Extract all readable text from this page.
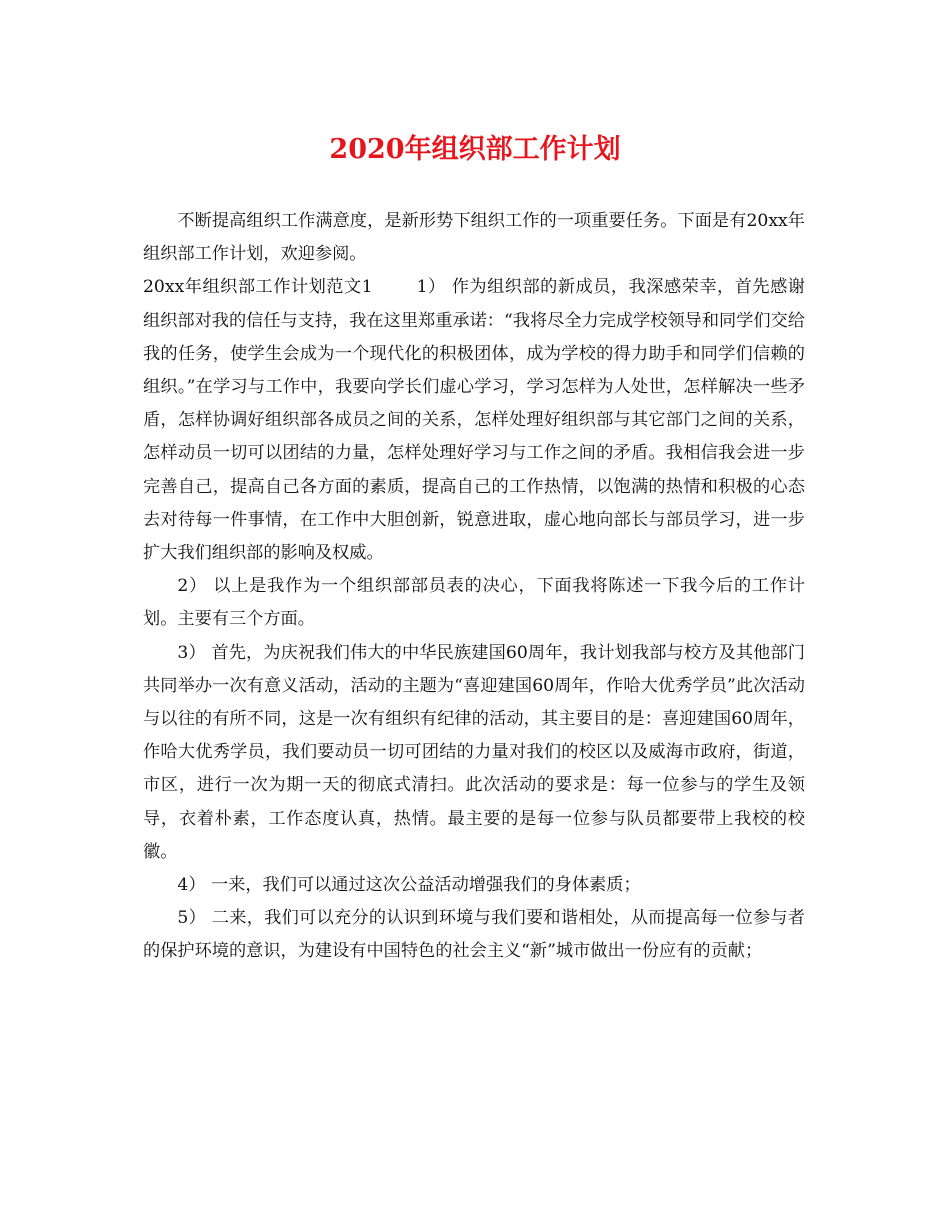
2020年组织部工作计划

不断提高组织工作满意度，是新形势下组织工作的一项重要任务。下面是有20xx年组织部工作计划，欢迎参阅。

20xx年组织部工作计划范文1	1） 作为组织部的新成员，我深感荣幸，首先感谢组织部对我的信任与支持，我在这里郑重承诺：“我将尽全力完成学校领导和同学们交给我的任务，使学生会成为一个现代化的积极团体，成为学校的得力助手和同学们信赖的组织。”在学习与工作中，我要向学长们虚心学习，学习怎样为人处世，怎样解决一些矛盾，怎样协调好组织部各成员之间的关系，怎样处理好组织部与其它部门之间的关系，怎样动员一切可以团结的力量，怎样处理好学习与工作之间的矛盾。我相信我会进一步完善自己，提高自己各方面的素质，提高自己的工作热情，以饱满的热情和积极的心态去对待每一件事情，在工作中大胆创新，锐意进取，虚心地向部长与部员学习，进一步扩大我们组织部的影响及权威。

2） 以上是我作为一个组织部部员表的决心，下面我将陈述一下我今后的工作计划。主要有三个方面。

3） 首先，为庆祝我们伟大的中华民族建国60周年，我计划我部与校方及其他部门共同举办一次有意义活动，活动的主题为“喜迎建国60周年，作哈大优秀学员”此次活动与以往的有所不同，这是一次有组织有纪律的活动，其主要目的是：喜迎建国60周年，作哈大优秀学员，我们要动员一切可团结的力量对我们的校区以及威海市政府，街道，市区，进行一次为期一天的彻底式清扫。此次活动的要求是：每一位参与的学生及领导，衣着朴素，工作态度认真，热情。最主要的是每一位参与队员都要带上我校的校徽。

4） 一来，我们可以通过这次公益活动增强我们的身体素质；

5） 二来，我们可以充分的认识到环境与我们要和谐相处，从而提高每一位参与者的保护环境的意识，为建设有中国特色的社会主义“新”城市做出一份应有的贡献；
